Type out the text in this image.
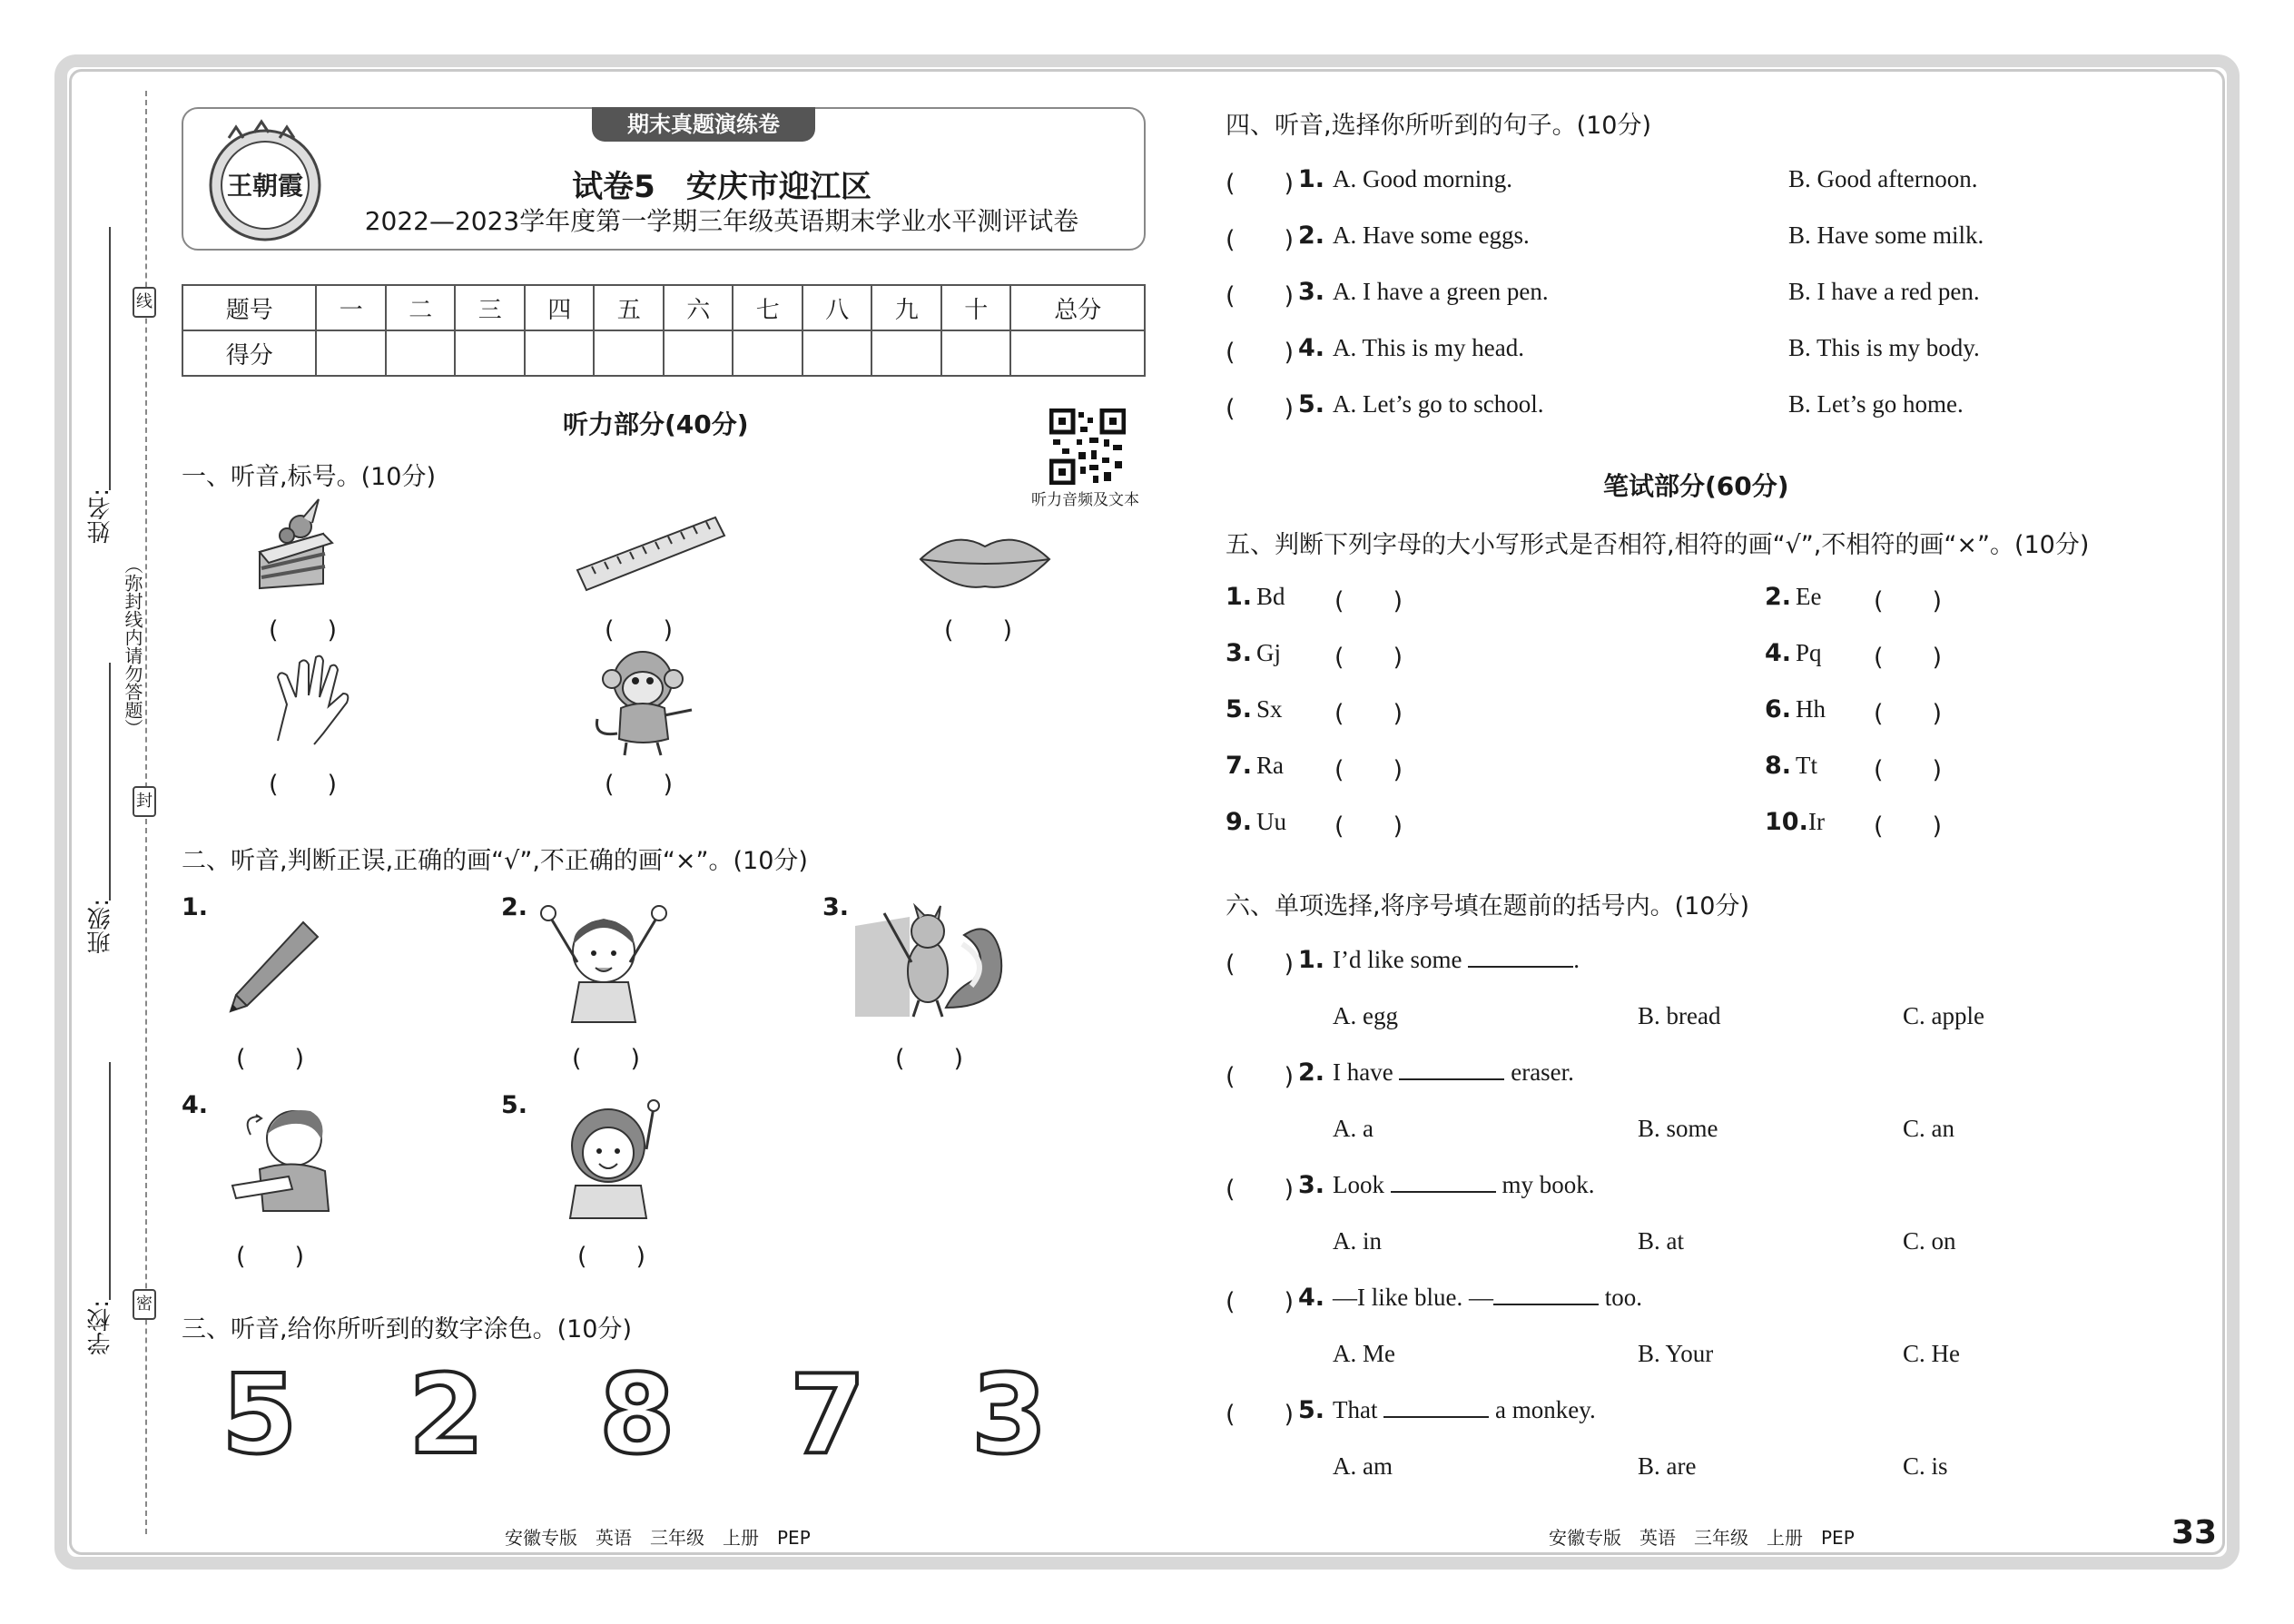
姓名:
班级:
学校:
线
封
密
（弥封线内请勿答题）
期末真题演练卷
王朝霞	试卷5　安庆市迎江区
2022—2023学年度第一学期三年级英语期末学业水平测评试卷
题号	一	二	三	四	五	六	七	八	九	十	总分
得分											
听力部分(40分)
听力音频及文本
一、听音,标号。(10分)
(　　)	(　　)	(　　)
(　　)	(　　)
二、听音,判断正误,正确的画“√”,不正确的画“×”。(10分)
1.	2.	3.
4.	5.
(　　)	(　　)	(　　)
(　　)	(　　)
三、听音,给你所听到的数字涂色。(10分)
5 2 8 7 3
安徽专版　英语　三年级　上册　PEP
四、听音,选择你所听到的句子。(10分)
(　　) 1. A. Good morning.	B. Good afternoon.
(　　) 2. A. Have some eggs.	B. Have some milk.
(　　) 3. A. I have a green pen.	B. I have a red pen.
(　　) 4. A. This is my head.	B. This is my body.
(　　) 5. A. Let’s go to school.	B. Let’s go home.
笔试部分(60分)
五、判断下列字母的大小写形式是否相符,相符的画“√”,不相符的画“×”。(10分)
1. Bd (　　)	2. Ee (　　)
3. Gj (　　)	4. Pq (　　)
5. Sx (　　)	6. Hh (　　)
7. Ra (　　)	8. Tt (　　)
9. Uu (　　)	10. Ir (　　)
六、单项选择,将序号填在题前的括号内。(10分)
(　　) 1. I’d like some	.
A. egg	B. bread	C. apple
(　　) 2. I have	eraser.
A. a	B. some	C. an
(　　) 3. Look	my book.
A. in	B. at	C. on
(　　) 4. —I like blue. —	too.
A. Me	B. Your	C. He
(　　) 5. That	a monkey.
A. am	B. are	C. is
安徽专版　英语　三年级　上册　PEP	33
